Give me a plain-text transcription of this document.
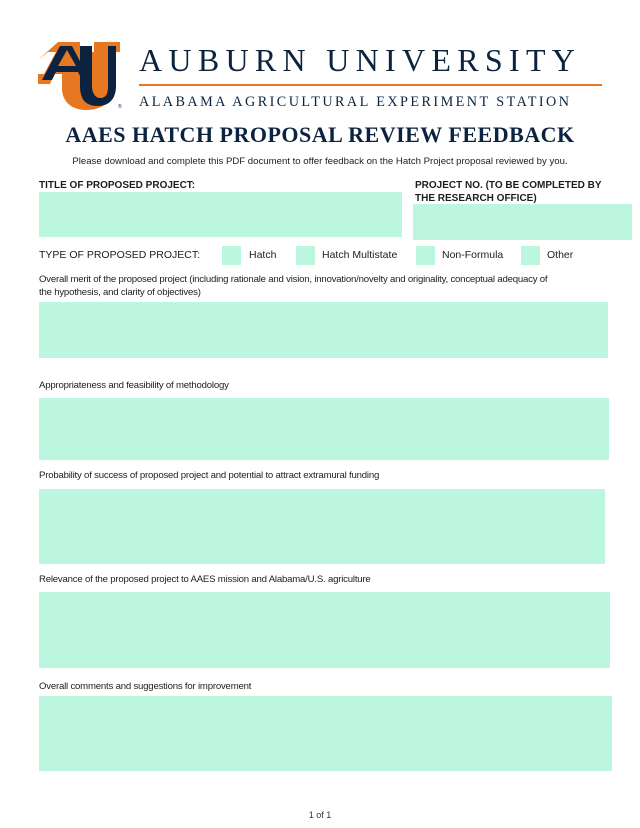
®
AUBURN UNIVERSITY
ALABAMA AGRICULTURAL EXPERIMENT STATION
AAES HATCH PROPOSAL REVIEW FEEDBACK
Please download and complete this PDF document to offer feedback on the Hatch Project proposal reviewed by you.
TITLE OF PROPOSED PROJECT:	PROJECT NO. (TO BE COMPLETED BY
THE RESEARCH OFFICE)
TYPE OF PROPOSED PROJECT:	Hatch	Hatch Multistate	Non-Formula	Other
Overall merit of the proposed project (including rationale and vision, innovation/novelty and originality, conceptual adequacy of
the hypothesis, and clarity of objectives)
Appropriateness and feasibility of methodology
Probability of success of proposed project and potential to attract extramural funding
Relevance of the proposed project to AAES mission and Alabama/U.S. agriculture
Overall comments and suggestions for improvement
1 of 1
